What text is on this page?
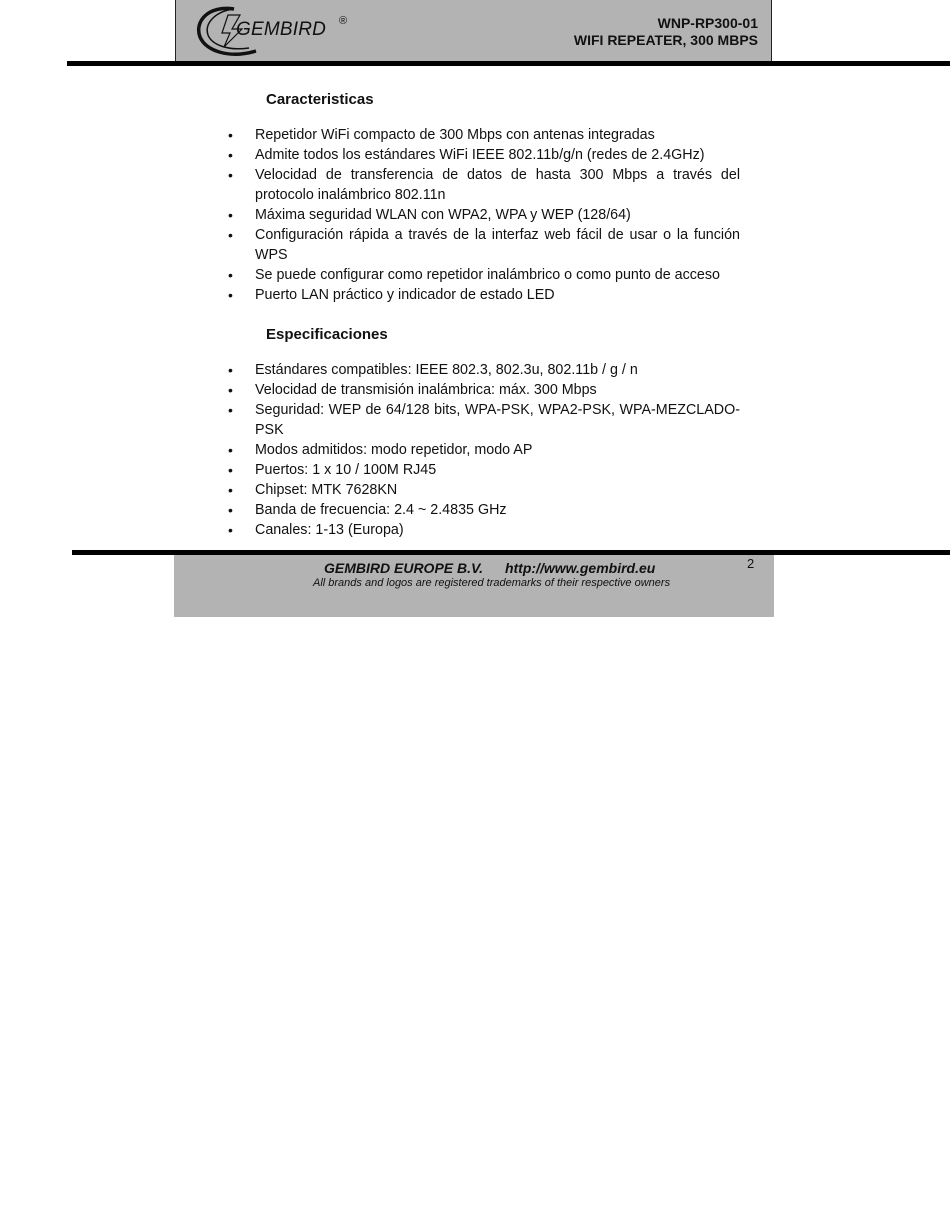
GEMBIRD ®	WNP-RP300-01
WIFI REPEATER, 300 MBPS
Caracteristicas
• Repetidor WiFi compacto de 300 Mbps con antenas integradas
• Admite todos los estándares WiFi IEEE 802.11b/g/n (redes de 2.4GHz)
• Velocidad de transferencia de datos de hasta 300 Mbps a través del protocolo inalámbrico 802.11n
• Máxima seguridad WLAN con WPA2, WPA y WEP (128/64)
• Configuración rápida a través de la interfaz web fácil de usar o la función WPS
• Se puede configurar como repetidor inalámbrico o como punto de acceso
• Puerto LAN práctico y indicador de estado LED
Especificaciones
• Estándares compatibles: IEEE 802.3, 802.3u, 802.11b / g / n
• Velocidad de transmisión inalámbrica: máx. 300 Mbps
• Seguridad: WEP de 64/128 bits, WPA-PSK, WPA2-PSK, WPA-MEZCLADO-PSK
• Modos admitidos: modo repetidor, modo AP
• Puertos: 1 x 10 / 100M RJ45
• Chipset: MTK 7628KN
• Banda de frecuencia: 2.4 ~ 2.4835 GHz
• Canales: 1-13 (Europa)
GEMBIRD EUROPE B.V. http://www.gembird.eu
All brands and logos are registered trademarks of their respective owners
2
